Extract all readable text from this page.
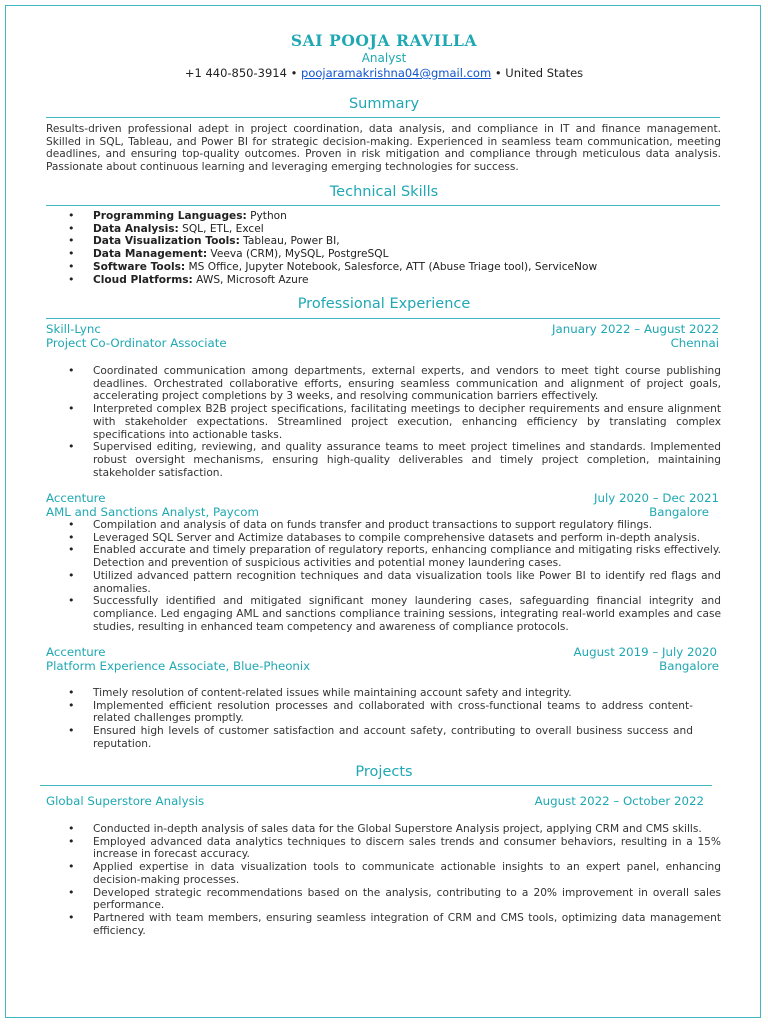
SAI POOJA RAVILLA
Analyst
+1 440-850-3914 • poojaramakrishna04@gmail.com • United States
Summary
Results-driven professional adept in project coordination, data analysis, and compliance in IT and finance management. Skilled in SQL, Tableau, and Power BI for strategic decision-making. Experienced in seamless team communication, meeting deadlines, and ensuring top-quality outcomes. Proven in risk mitigation and compliance through meticulous data analysis. Passionate about continuous learning and leveraging emerging technologies for success.
Technical Skills
• Programming Languages: Python
• Data Analysis: SQL, ETL, Excel
• Data Visualization Tools: Tableau, Power BI,
• Data Management: Veeva (CRM), MySQL, PostgreSQL
• Software Tools: MS Office, Jupyter Notebook, Salesforce, ATT (Abuse Triage tool), ServiceNow
• Cloud Platforms: AWS, Microsoft Azure
Professional Experience
Skill-Lync	January 2022 – August 2022
Project Co-Ordinator Associate	Chennai
• Coordinated communication among departments, external experts, and vendors to meet tight course publishing deadlines. Orchestrated collaborative efforts, ensuring seamless communication and alignment of project goals, accelerating project completions by 3 weeks, and resolving communication barriers effectively.
• Interpreted complex B2B project specifications, facilitating meetings to decipher requirements and ensure alignment with stakeholder expectations. Streamlined project execution, enhancing efficiency by translating complex specifications into actionable tasks.
• Supervised editing, reviewing, and quality assurance teams to meet project timelines and standards. Implemented robust oversight mechanisms, ensuring high-quality deliverables and timely project completion, maintaining stakeholder satisfaction.
Accenture	July 2020 – Dec 2021
AML and Sanctions Analyst, Paycom	Bangalore
• Compilation and analysis of data on funds transfer and product transactions to support regulatory filings.
• Leveraged SQL Server and Actimize databases to compile comprehensive datasets and perform in-depth analysis.
• Enabled accurate and timely preparation of regulatory reports, enhancing compliance and mitigating risks effectively. Detection and prevention of suspicious activities and potential money laundering cases.
• Utilized advanced pattern recognition techniques and data visualization tools like Power BI to identify red flags and anomalies.
• Successfully identified and mitigated significant money laundering cases, safeguarding financial integrity and compliance. Led engaging AML and sanctions compliance training sessions, integrating real-world examples and case studies, resulting in enhanced team competency and awareness of compliance protocols.
Accenture	August 2019 – July 2020
Platform Experience Associate, Blue-Pheonix	Bangalore
• Timely resolution of content-related issues while maintaining account safety and integrity.
• Implemented efficient resolution processes and collaborated with cross-functional teams to address content-related challenges promptly.
• Ensured high levels of customer satisfaction and account safety, contributing to overall business success and reputation.
Projects
Global Superstore Analysis	August 2022 – October 2022
• Conducted in-depth analysis of sales data for the Global Superstore Analysis project, applying CRM and CMS skills.
• Employed advanced data analytics techniques to discern sales trends and consumer behaviors, resulting in a 15% increase in forecast accuracy.
• Applied expertise in data visualization tools to communicate actionable insights to an expert panel, enhancing decision-making processes.
• Developed strategic recommendations based on the analysis, contributing to a 20% improvement in overall sales performance.
• Partnered with team members, ensuring seamless integration of CRM and CMS tools, optimizing data management efficiency.
